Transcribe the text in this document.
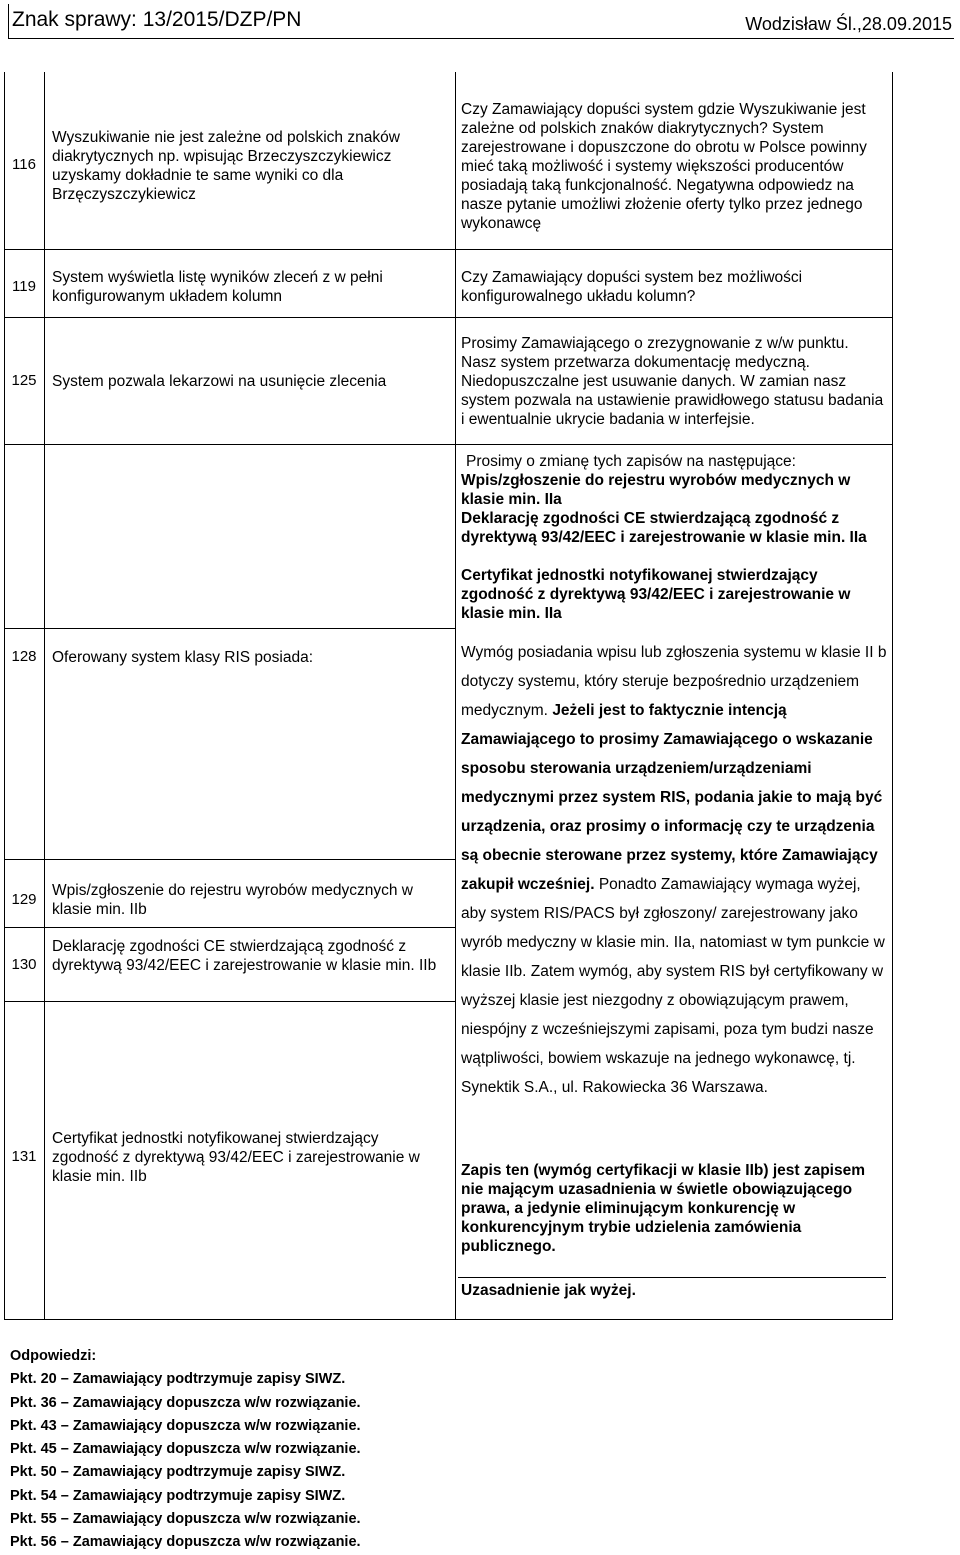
Znak sprawy: 13/2015/DZP/PN	Wodzisław Śl.,28.09.2015
116
Wyszukiwanie nie jest zależne od polskich znaków diakrytycznych np. wpisując Brzeczyszczykiewicz uzyskamy dokładnie te same wyniki co dla Brzęczyszczykiewicz
Czy Zamawiający dopuści system gdzie Wyszukiwanie jest zależne od polskich znaków diakrytycznych? System zarejestrowane i dopuszczone do obrotu w Polsce powinny mieć taką możliwość i systemy większości producentów posiadają taką funkcjonalność. Negatywna odpowiedz na nasze pytanie umożliwi złożenie oferty tylko przez jednego wykonawcę
119
System wyświetla listę wyników zleceń z w pełni konfigurowanym układem kolumn
Czy Zamawiający dopuści system bez możliwości konfigurowalnego układu kolumn?
125 System pozwala lekarzowi na usunięcie zlecenia
Prosimy Zamawiającego o zrezygnowanie z w/w punktu. Nasz system przetwarza dokumentację medyczną. Niedopuszczalne jest usuwanie danych. W zamian nasz system pozwala na ustawienie prawidłowego statusu badania i ewentualnie ukrycie badania w interfejsie.
Prosimy o zmianę tych zapisów na następujące:
Wpis/zgłoszenie do rejestru wyrobów medycznych w klasie min. IIa
Deklarację zgodności CE stwierdzającą zgodność z dyrektywą 93/42/EEC i zarejestrowanie w klasie min. IIa
Certyfikat jednostki notyfikowanej stwierdzający zgodność z dyrektywą 93/42/EEC i zarejestrowanie w klasie min. IIa
128 Oferowany system klasy RIS posiada:	Wymóg posiadania wpisu lub zgłoszenia systemu w klasie II b dotyczy systemu, który steruje bezpośrednio urządzeniem medycznym. Jeżeli jest to faktycznie intencją Zamawiającego to prosimy Zamawiającego o wskazanie sposobu sterowania urządzeniem/urządzeniami medycznymi przez system RIS, podania jakie to mają być urządzenia, oraz prosimy o informację czy te urządzenia są obecnie sterowane przez systemy, które Zamawiający zakupił wcześniej. Ponadto Zamawiający wymaga wyżej, aby system RIS/PACS był zgłoszony/ zarejestrowany jako wyrób medyczny w klasie min. IIa, natomiast w tym punkcie w klasie IIb. Zatem wymóg, aby system RIS był certyfikowany w wyższej klasie jest niezgodny z obowiązującym prawem, niespójny z wcześniejszymi zapisami, poza tym budzi nasze wątpliwości, bowiem wskazuje na jednego wykonawcę, tj. Synektik S.A., ul. Rakowiecka 36 Warszawa.
Zapis ten (wymóg certyfikacji w klasie IIb) jest zapisem nie mającym uzasadnienia w świetle obowiązującego prawa, a jedynie eliminującym konkurencję w konkurencyjnym trybie udzielenia zamówienia publicznego.
129
Wpis/zgłoszenie do rejestru wyrobów medycznych w klasie min. IIb
130
Deklarację zgodności CE stwierdzającą zgodność z dyrektywą 93/42/EEC i zarejestrowanie w klasie min. IIb
131
Certyfikat jednostki notyfikowanej stwierdzający zgodność z dyrektywą 93/42/EEC i zarejestrowanie w klasie min. IIb
Uzasadnienie jak wyżej.
Odpowiedzi:
Pkt. 20 – Zamawiający podtrzymuje zapisy SIWZ.
Pkt. 36 – Zamawiający dopuszcza w/w rozwiązanie.
Pkt. 43 – Zamawiający dopuszcza w/w rozwiązanie.
Pkt. 45 – Zamawiający dopuszcza w/w rozwiązanie.
Pkt. 50 – Zamawiający podtrzymuje zapisy SIWZ.
Pkt. 54 – Zamawiający podtrzymuje zapisy SIWZ.
Pkt. 55 – Zamawiający dopuszcza w/w rozwiązanie.
Pkt. 56 – Zamawiający dopuszcza w/w rozwiązanie.
